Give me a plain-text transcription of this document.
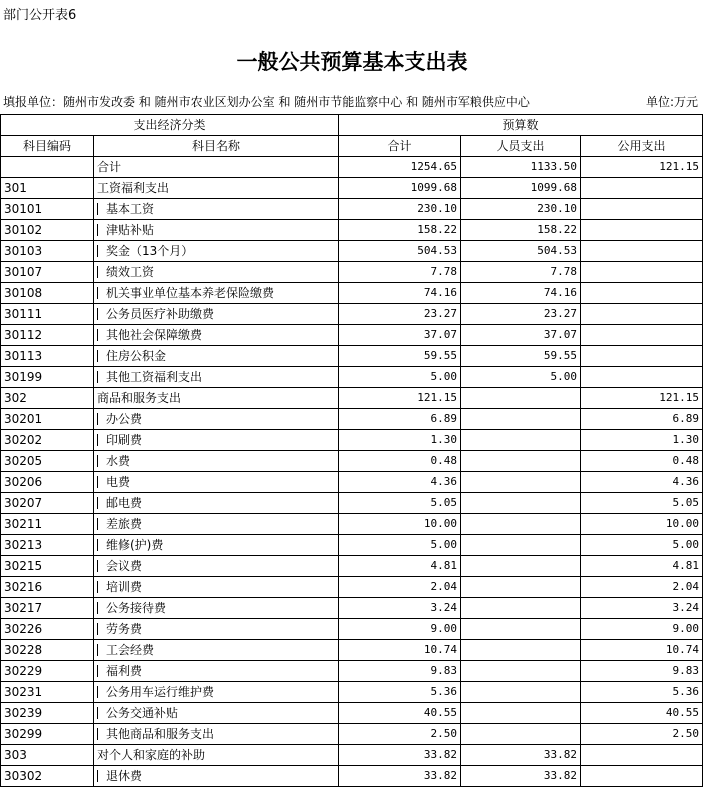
部门公开表6
一般公共预算基本支出表
填报单位：随州市发改委 和 随州市农业区划办公室 和 随州市节能监察中心 和 随州市军粮供应中心	单位:万元
支出经济分类		预算数		
科目编码	科目名称	合计	人员支出	公用支出
	合计	1254.65	1133.50	121.15
301	工资福利支出	1099.68	1099.68	
30101	基本工资	230.10	230.10	
30102	津贴补贴	158.22	158.22	
30103	奖金（13个月）	504.53	504.53	
30107	绩效工资	7.78	7.78	
30108	机关事业单位基本养老保险缴费	74.16	74.16	
30111	公务员医疗补助缴费	23.27	23.27	
30112	其他社会保障缴费	37.07	37.07	
30113	住房公积金	59.55	59.55	
30199	其他工资福利支出	5.00	5.00	
302	商品和服务支出	121.15		121.15
30201	办公费	6.89		6.89
30202	印刷费	1.30		1.30
30205	水费	0.48		0.48
30206	电费	4.36		4.36
30207	邮电费	5.05		5.05
30211	差旅费	10.00		10.00
30213	维修(护)费	5.00		5.00
30215	会议费	4.81		4.81
30216	培训费	2.04		2.04
30217	公务接待费	3.24		3.24
30226	劳务费	9.00		9.00
30228	工会经费	10.74		10.74
30229	福利费	9.83		9.83
30231	公务用车运行维护费	5.36		5.36
30239	公务交通补贴	40.55		40.55
30299	其他商品和服务支出	2.50		2.50
303	对个人和家庭的补助	33.82	33.82	
30302	退休费	33.82	33.82	
